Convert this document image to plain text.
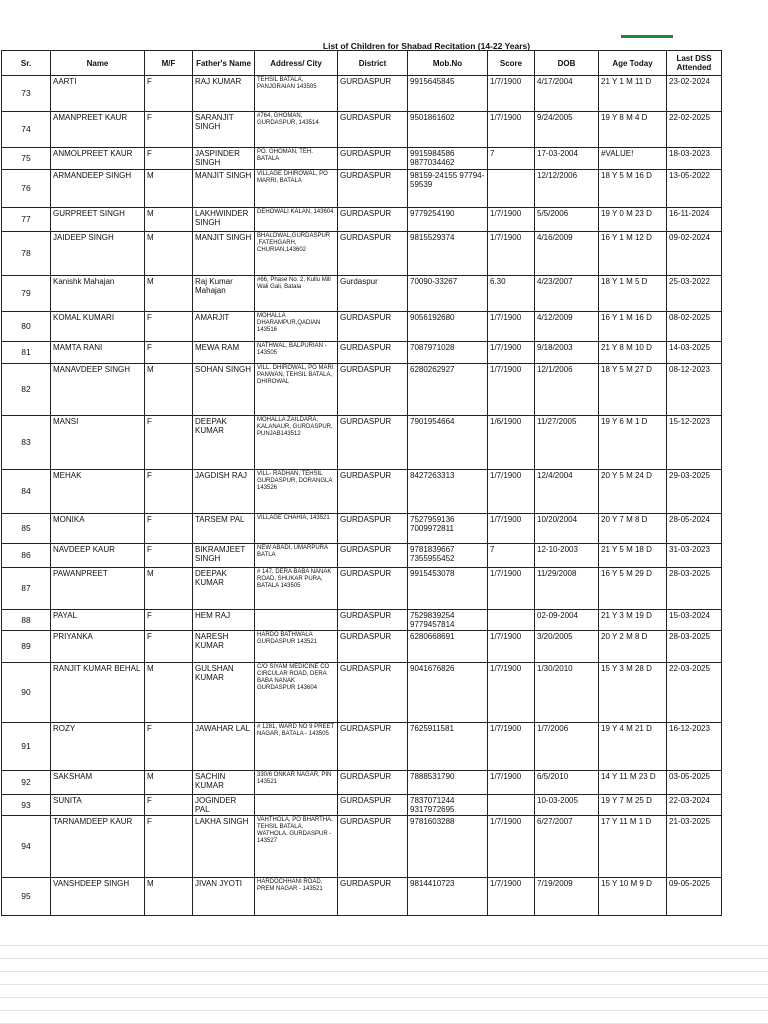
List of Children for Shabad Recitation (14-22 Years)
Sr.	Name	M/F	Father's Name	Address/ City	District	Mob.No	Score	DOB	Age Today	Last DSS Attended
73	AARTI	F	RAJ KUMAR	TEHSIL BATALA, PANJGRAIAN 143505	GURDASPUR	9915645845	1/7/1900	4/17/2004	21 Y 1 M 11 D	23-02-2024
74	AMANPREET KAUR	F	SARANJIT SINGH	#764, GHOMAN, GURDASPUR, 143514	GURDASPUR	9501861602	1/7/1900	9/24/2005	19 Y 8 M 4 D	22-02-2025
75	ANMOLPREET KAUR	F	JASPINDER SINGH	PO. GHOMAN, TEH. BATALA	GURDASPUR	9915984586 9877034462	7	17-03-2004	#VALUE!	18-03-2023
76	ARMANDEEP SINGH	M	MANJIT SINGH	VILLAGE DHIROWAL, PO MARRI, BATALA	GURDASPUR	98159-24155 97794-59539		12/12/2006	18 Y 5 M 16 D	13-05-2022
77	GURPREET SINGH	M	LAKHWINDER SINGH	DEHOWALI KALAN, 143604	GURDASPUR	9779254190	1/7/1900	5/5/2006	19 Y 0 M 23 D	16-11-2024
78	JAIDEEP SINGH	M	MANJIT SINGH	BHALOWAL,GURDASPUR ,FATEHGARH, CHURIAN,143602	GURDASPUR	9815529374	1/7/1900	4/16/2009	16 Y 1 M 12 D	09-02-2024
79	Kanishk Mahajan	M	Raj Kumar Mahajan	#66, Phase No. 2, Kullu Mill Wali Gali, Batala	Gurdaspur	70090-33267	6.30	4/23/2007	18 Y 1 M 5 D	25-03-2022
80	KOMAL KUMARI	F	AMARJIT	MOHALLA DHARAMPUR,QADIAN 143516	GURDASPUR	9056192680	1/7/1900	4/12/2009	16 Y 1 M 16 D	08-02-2025
81	MAMTA RANI	F	MEWA RAM	NATHWAL, BALPURIAN - 143505	GURDASPUR	7087971028	1/7/1900	9/18/2003	21 Y 8 M 10 D	14-03-2025
82	MANAVDEEP SINGH	M	SOHAN SINGH	VILL. DHIROWAL, PO MARI PANWAN, TEHSIL BATALA, DHIROWAL	GURDASPUR	6280262927	1/7/1900	12/1/2006	18 Y 5 M 27 D	08-12-2023
83	MANSI	F	DEEPAK KUMAR	MOHALLA ZAILDARA, KALANAUR, GURDASPUR, PUNJAB143512	GURDASPUR	7901954664	1/6/1900	11/27/2005	19 Y 6 M 1 D	15-12-2023
84	MEHAK	F	JAGDISH RAJ	VILL- RADHAN, TEHSIL GURDASPUR, DORANGLA 143526	GURDASPUR	8427263313	1/7/1900	12/4/2004	20 Y 5 M 24 D	29-03-2025
85	MONIKA	F	TARSEM PAL	VILLAGE CHAHIA, 143521	GURDASPUR	7527959136 7009972811	1/7/1900	10/20/2004	20 Y 7 M 8 D	28-05-2024
86	NAVDEEP KAUR	F	BIKRAMJEET SINGH	NEW ABADI, UMARPURA BATLA	GURDASPUR	9781839667 7355955452	7	12-10-2003	21 Y 5 M 18 D	31-03-2023
87	PAWANPREET	M	DEEPAK KUMAR	# 147, DERA BABA NANAK ROAD, SHUKAR PURA, BATALA 143505	GURDASPUR	9915453078	1/7/1900	11/29/2008	16 Y 5 M 29 D	28-03-2025
88	PAYAL	F	HEM RAJ		GURDASPUR	7529839254 9779457814		02-09-2004	21 Y 3 M 19 D	15-03-2024
89	PRIYANKA	F	NARESH KUMAR	HARDO BATHWALA GURDASPUR 143521	GURDASPUR	6280668691	1/7/1900	3/20/2005	20 Y 2 M 8 D	28-03-2025
90	RANJIT KUMAR BEHAL	M	GULSHAN KUMAR	C/O SIYAM MEDICINE CO CIRCULAR ROAD, DERA BABA NANAK GURDASPUR 143604	GURDASPUR	9041676826	1/7/1900	1/30/2010	15 Y 3 M 28 D	22-03-2025
91	ROZY	F	JAWAHAR LAL	# 1281, WARD NO 9 PREET NAGAR, BATALA - 143505	GURDASPUR	7625911581	1/7/1900	1/7/2006	19 Y 4 M 21 D	16-12-2023
92	SAKSHAM	M	SACHIN KUMAR	330/6 ONKAR NAGAR, PIN 143521	GURDASPUR	7888531790	1/7/1900	6/5/2010	14 Y 11 M 23 D	03-05-2025
93	SUNITA	F	JOGINDER PAL		GURDASPUR	7837071244 9317972695		10-03-2005	19 Y 7 M 25 D	22-03-2024
94	TARNAMDEEP KAUR	F	LAKHA SINGH	VAHTHOLA, PO BHARTHA, TEHSIL BATALA, WATHOLA, GURDASPUR - 143527	GURDASPUR	9781603288	1/7/1900	6/27/2007	17 Y 11 M 1 D	21-03-2025
95	VANSHDEEP SINGH	M	JIVAN JYOTI	HARDOCHHANI ROAD, PREM NAGAR - 143521	GURDASPUR	9814410723	1/7/1900	7/19/2009	15 Y 10 M 9 D	09-05-2025
